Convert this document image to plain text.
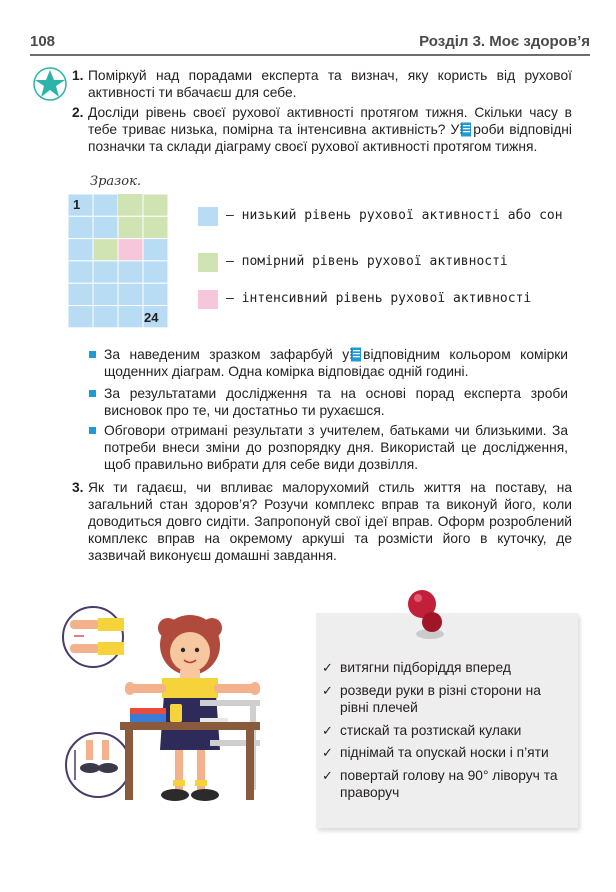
108	Розділ 3. Моє здоров’я
1. Поміркуй над порадами експерта та визнач, яку користь від рухової активності ти вбачаєш для себе.
2. Досліди рівень своєї рухової активності протягом тижня. Скільки часу в тебе триває низька, помірна та інтенсивна активність? У роби відповідні позначки та склади діаграму своєї рухової активності протягом тижня.
Зразок.
1
24
— низький рівень рухової активності або сон
— помірний рівень рухової активності
— інтенсивний рівень рухової активності
За наведеним зразком зафарбуй у відповідним кольором комірки щоденних діаграм. Одна комірка відповідає одній годині.
За результатами дослідження та на основі порад експерта зроби висновок про те, чи достатньо ти рухаєшся.
Обговори отримані результати з учителем, батьками чи близькими. За потреби внеси зміни до розпорядку дня. Використай це дослідження, щоб правильно вибрати для себе види дозвілля.
3. Як ти гадаєш, чи впливає малорухомий стиль життя на поставу, на загальний стан здоров’я? Розучи комплекс вправ та виконуй його, коли доводиться довго сидіти. Запропонуй свої ідеї вправ. Оформ розроблений комплекс вправ на окремому аркуші та розмісти його в куточку, де зазвичай виконуєш домашні завдання.
✓ витягни підборіддя вперед
✓ розведи руки в різні сторони на рівні плечей
✓ стискай та розтискай кулаки
✓ піднімай та опускай носки і п’яти
✓ повертай голову на 90° ліворуч та праворуч
